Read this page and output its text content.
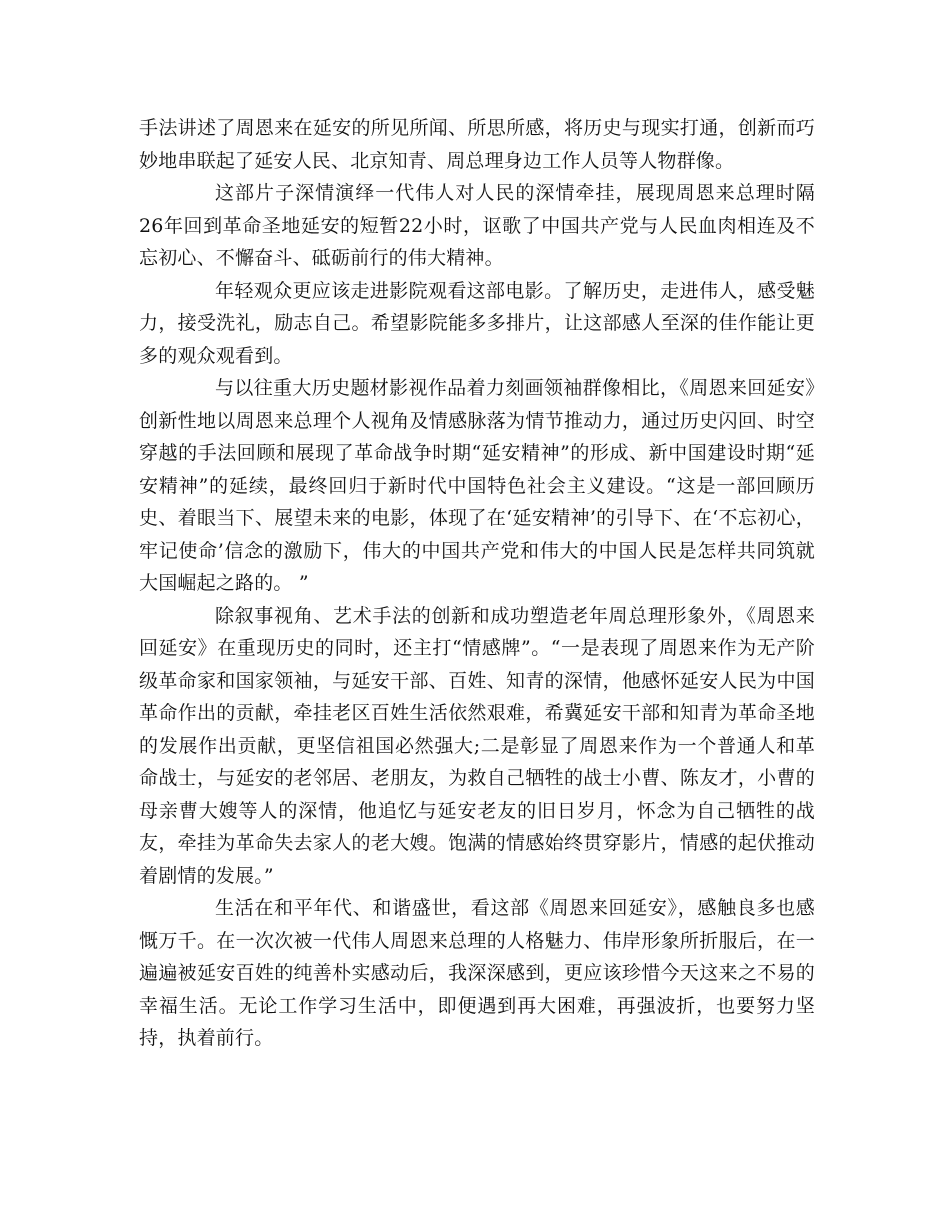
手法讲述了周恩来在延安的所见所闻、所思所感，将历史与现实打通，创新而巧妙地串联起了延安人民、北京知青、周总理身边工作人员等人物群像。

这部片子深情演绎一代伟人对人民的深情牵挂，展现周恩来总理时隔26年回到革命圣地延安的短暂22小时，讴歌了中国共产党与人民血肉相连及不忘初心、不懈奋斗、砥砺前行的伟大精神。

年轻观众更应该走进影院观看这部电影。了解历史，走进伟人，感受魅力，接受洗礼，励志自己。希望影院能多多排片，让这部感人至深的佳作能让更多的观众观看到。

与以往重大历史题材影视作品着力刻画领袖群像相比，《周恩来回延安》创新性地以周恩来总理个人视角及情感脉落为情节推动力，通过历史闪回、时空穿越的手法回顾和展现了革命战争时期“延安精神”的形成、新中国建设时期“延安精神”的延续，最终回归于新时代中国特色社会主义建设。“这是一部回顾历史、着眼当下、展望未来的电影，体现了在‘延安精神’的引导下、在‘不忘初心，牢记使命’信念的激励下，伟大的中国共产党和伟大的中国人民是怎样共同筑就大国崛起之路的。 ”

除叙事视角、艺术手法的创新和成功塑造老年周总理形象外，《周恩来回延安》在重现历史的同时，还主打“情感牌”。“一是表现了周恩来作为无产阶级革命家和国家领袖，与延安干部、百姓、知青的深情，他感怀延安人民为中国革命作出的贡献，牵挂老区百姓生活依然艰难，希冀延安干部和知青为革命圣地的发展作出贡献，更坚信祖国必然强大;二是彰显了周恩来作为一个普通人和革命战士，与延安的老邻居、老朋友，为救自己牺牲的战士小曹、陈友才，小曹的母亲曹大嫂等人的深情，他追忆与延安老友的旧日岁月，怀念为自己牺牲的战友，牵挂为革命失去家人的老大嫂。饱满的情感始终贯穿影片，情感的起伏推动着剧情的发展。”

生活在和平年代、和谐盛世，看这部《周恩来回延安》，感触良多也感慨万千。在一次次被一代伟人周恩来总理的人格魅力、伟岸形象所折服后，在一遍遍被延安百姓的纯善朴实感动后，我深深感到，更应该珍惜今天这来之不易的幸福生活。无论工作学习生活中，即便遇到再大困难，再强波折，也要努力坚持，执着前行。
